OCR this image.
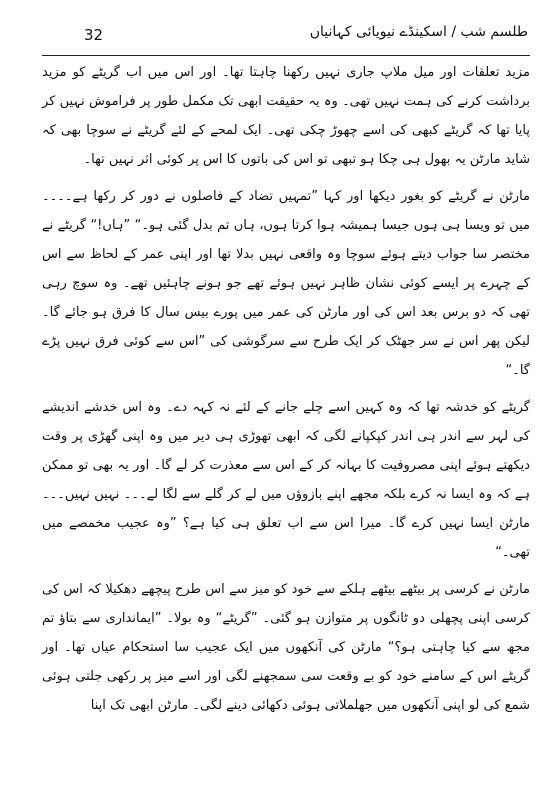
32	طلسم شب / اسکینڈے نیویائی کہانیاں

مزید تعلقات اور میل ملاپ جاری نہیں رکھنا چاہتا تھا۔ اور اس میں اب گریٹے کو مزید برداشت کرنے کی ہمت نہیں تھی۔ وہ یہ حقیقت ابھی تک مکمل طور پر فراموش نہیں کر پایا تھا کہ گریٹے کبھی کی اسے چھوڑ چکی تھی۔ ایک لمحے کے لئے گریٹے نے سوچا بھی کہ شاید مارٹن یہ بھول ہی چکا ہو تبھی تو اس کی باتوں کا اس پر کوئی اثر نہیں تھا۔

مارٹن نے گریٹے کو بغور دیکھا اور کہا ”تمہیں تضاد کے فاصلوں نے دور کر رکھا ہے۔۔۔۔ میں تو ویسا ہی ہوں جیسا ہمیشہ ہوا کرتا ہوں، ہاں تم بدل گئی ہو۔“ ”ہاں!“ گریٹے نے مختصر سا جواب دیتے ہوئے سوچا وہ واقعی نہیں بدلا تھا اور اپنی عمر کے لحاظ سے اس کے چہرے پر ایسے کوئی نشان ظاہر نہیں ہوئے تھے جو ہونے چاہئیں تھے۔ وہ سوچ رہی تھی کہ دو برس بعد اس کی اور مارٹن کی عمر میں پورے بیس سال کا فرق ہو جائے گا۔ لیکن پھر اس نے سر جھٹک کر ایک طرح سے سرگوشی کی ”اس سے کوئی فرق نہیں پڑے گا۔“

گریٹے کو خدشہ تھا کہ وہ کہیں اسے چلے جانے کے لئے نہ کہہ دے۔ وہ اس خدشے اندیشے کی لہر سے اندر ہی اندر کپکپانے لگی کہ ابھی تھوڑی ہی دیر میں وہ اپنی گھڑی پر وقت دیکھتے ہوئے اپنی مصروفیت کا بہانہ کر کے اس سے معذرت کر لے گا۔ اور یہ بھی تو ممکن ہے کہ وہ ایسا نہ کرے بلکہ مجھے اپنے بازوؤں میں لے کر گلے سے لگا لے۔۔۔ نہیں نہیں۔۔۔ مارٹن ایسا نہیں کرے گا۔ میرا اس سے اب تعلق ہی کیا ہے؟ ”وہ عجیب مخمصے میں تھی۔“

مارٹن نے کرسی پر بیٹھے بیٹھے ہلکے سے خود کو میز سے اس طرح پیچھے دھکیلا کہ اس کی کرسی اپنی پچھلی دو ٹانگوں پر متوازن ہو گئی۔ ”گریٹے“ وہ بولا۔ ”ایمانداری سے بتاؤ تم مجھ سے کیا چاہتی ہو؟“ مارٹن کی آنکھوں میں ایک عجیب سا استحکام عیاں تھا۔ اور گریٹے اس کے سامنے خود کو بے وقعت سی سمجھنے لگی اور اسے میز پر رکھی جلتی ہوئی شمع کی لو اپنی آنکھوں میں جھلملاتی ہوئی دکھائی دینے لگی۔ مارٹن ابھی تک اپنا
